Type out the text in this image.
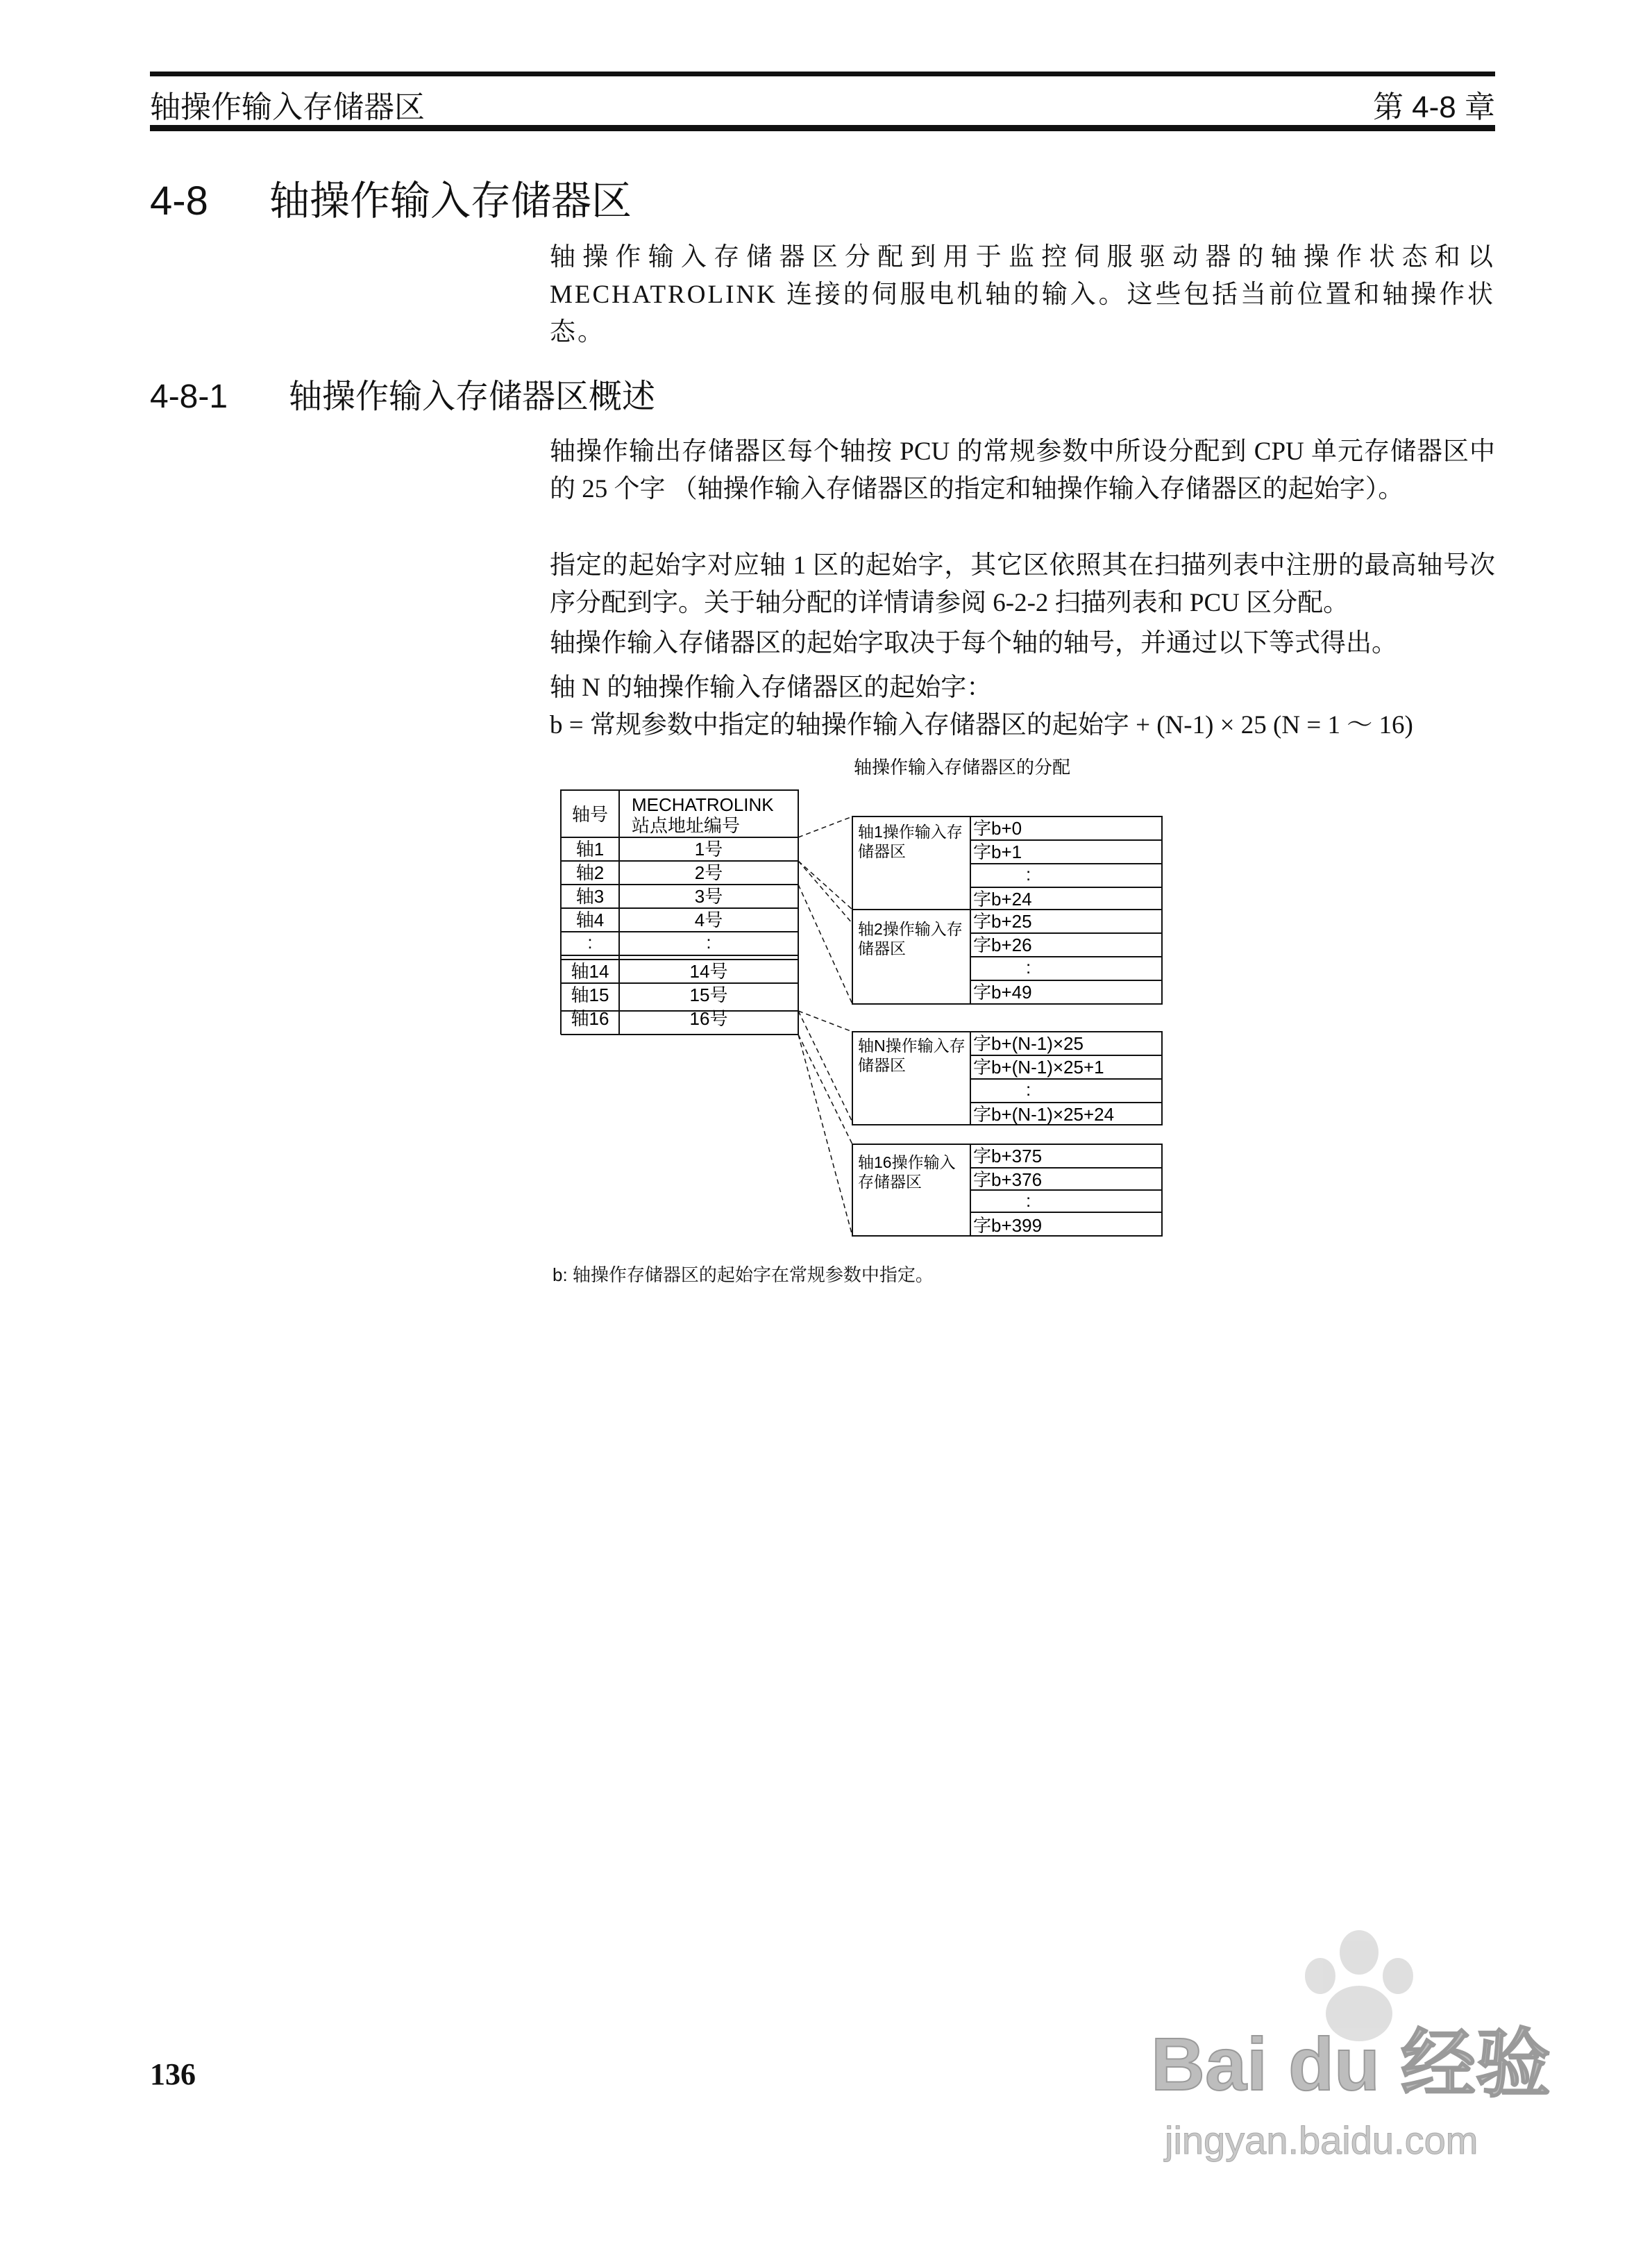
轴操作输入存储器区	第 4-8 章
4-8 轴操作输入存储器区
轴操作输入存储器区分配到用于监控伺服驱动器的轴操作状态和以 MECHATROLINK 连接的伺服电机轴的输入。这些包括当前位置和轴操作状态。
4-8-1 轴操作输入存储器区概述
轴操作输出存储器区每个轴按 PCU 的常规参数中所设分配到 CPU 单元存储器区中的 25 个字 （轴操作输入存储器区的指定和轴操作输入存储器区的起始字）。
指定的起始字对应轴 1 区的起始字，其它区依照其在扫描列表中注册的最高轴号次序分配到字。关于轴分配的详情请参阅 6-2-2 扫描列表和 PCU 区分配。
轴操作输入存储器区的起始字取决于每个轴的轴号，并通过以下等式得出。
轴 N 的轴操作输入存储器区的起始字：
b = 常规参数中指定的轴操作输入存储器区的起始字 + (N-1) × 25 (N = 1 ～ 16)
轴操作输入存储器区的分配
轴号 MECHATROLINK
站点地址编号
轴1	1号
轴2	2号
轴3	3号
轴4	4号
:	:
轴14	14号
轴15	15号
轴16	16号
轴1操作输入存
储器区
字b+0
字b+1
:
字b+24
轴2操作输入存
储器区
字b+25
字b+26
:
字b+49
轴N操作输入存
储器区
字b+(N-1)×25
字b+(N-1)×25+1
:
字b+(N-1)×25+24
轴16操作输入
存储器区
字b+375
字b+376
:
字b+399
b: 轴操作存储器区的起始字在常规参数中指定。
136	Bai du 经验
jingyan.baidu.com
